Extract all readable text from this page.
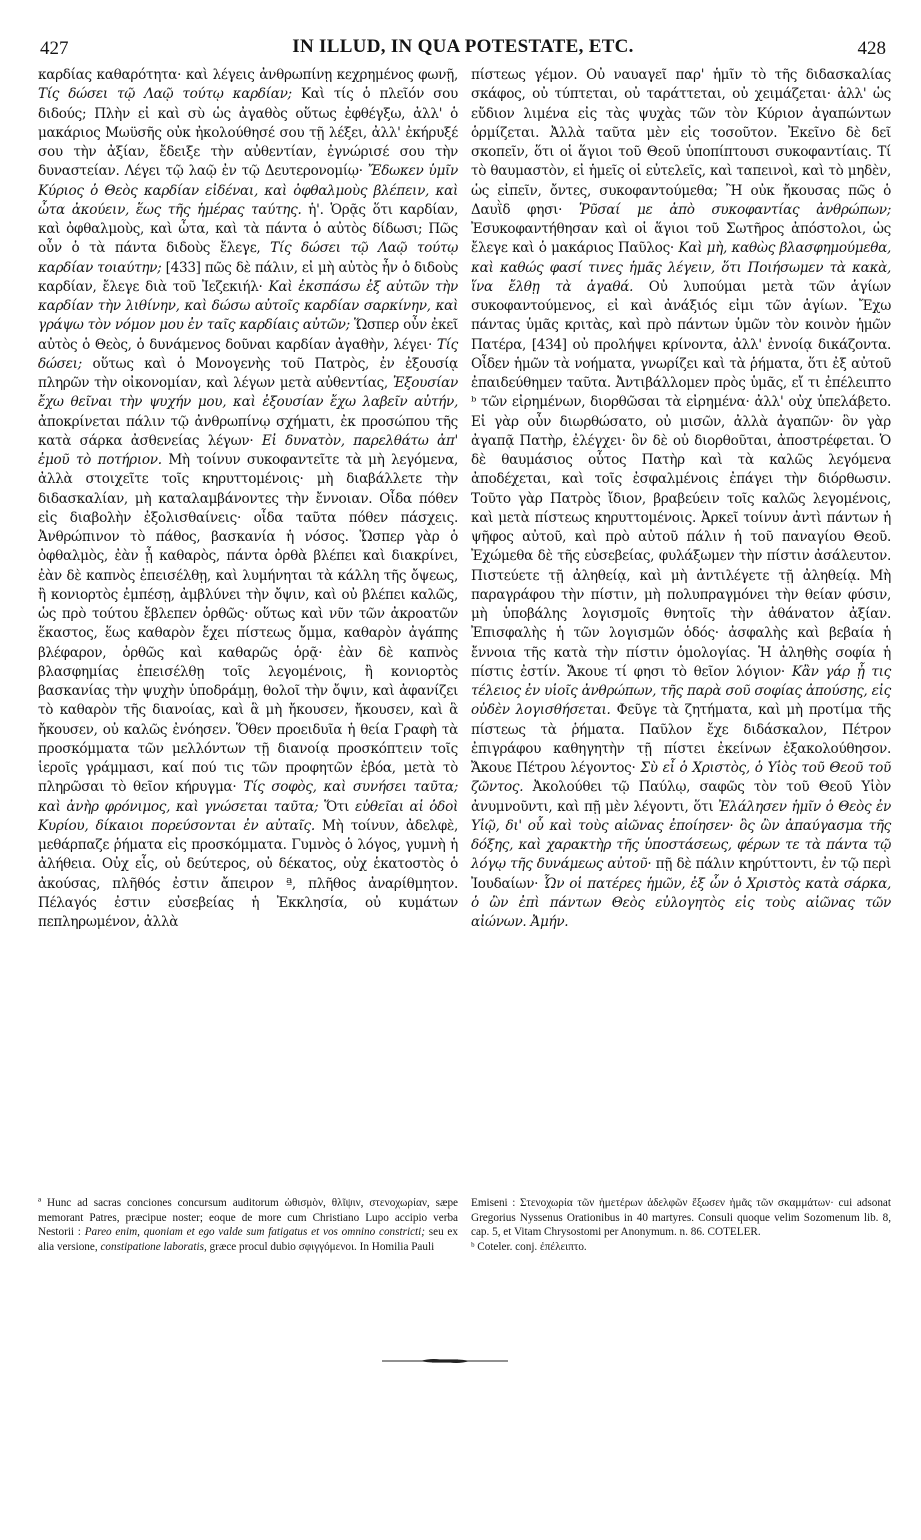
427	IN ILLUD, IN QUA POTESTATE, ETC.	428

καρδίας καθαρότητα· καὶ λέγεις ἀνθρωπίνῃ κεχρημένος φωνῇ, Τίς δώσει τῷ Λαῷ τούτῳ καρδίαν; Καὶ τίς ὁ πλεῖόν σου διδούς; Πλὴν εἰ καὶ σὺ ὡς ἀγαθὸς οὕτως ἐφθέγξω, ἀλλ' ὁ μακάριος Μωϋσῆς οὐκ ἠκολούθησέ σου τῇ λέξει, ἀλλ' ἐκήρυξέ σου τὴν ἀξίαν, ἔδειξε τὴν αὐθεντίαν, ἐγνώρισέ σου τὴν δυναστείαν. Λέγει τῷ λαῷ ἐν τῷ Δευτερονομίῳ· Ἔδωκεν ὑμῖν Κύριος ὁ Θεὸς καρδίαν εἰδέναι, καὶ ὀφθαλμοὺς βλέπειν, καὶ ὦτα ἀκούειν, ἕως τῆς ἡμέρας ταύτης. ἡ'. Ὁρᾷς ὅτι καρδίαν, καὶ ὀφθαλμοὺς, καὶ ὦτα, καὶ τὰ πάντα ὁ αὐτὸς δίδωσι; Πῶς οὖν ὁ τὰ πάντα διδοὺς ἔλεγε, Τίς δώσει τῷ Λαῷ τούτῳ καρδίαν τοιαύτην; [433] πῶς δὲ πάλιν, εἰ μὴ αὐτὸς ἦν ὁ διδοὺς καρδίαν, ἔλεγε διὰ τοῦ Ἰεζεκιήλ· Καὶ ἐκσπάσω ἐξ αὐτῶν τὴν καρδίαν τὴν λιθίνην, καὶ δώσω αὐτοῖς καρδίαν σαρκίνην, καὶ γράψω τὸν νόμον μου ἐν ταῖς καρδίαις αὐτῶν; Ὥσπερ οὖν ἐκεῖ αὐτὸς ὁ Θεὸς, ὁ δυνάμενος δοῦναι καρδίαν ἀγαθὴν, λέγει· Τίς δώσει; οὕτως καὶ ὁ Μονογενὴς τοῦ Πατρὸς, ἐν ἐξουσίᾳ πληρῶν τὴν οἰκονομίαν, καὶ λέγων μετὰ αὐθεντίας, Ἐξουσίαν ἔχω θεῖναι τὴν ψυχήν μου, καὶ ἐξουσίαν ἔχω λαβεῖν αὐτήν, ἀποκρίνεται πάλιν τῷ ἀνθρωπίνῳ σχήματι, ἐκ προσώπου τῆς κατὰ σάρκα ἀσθενείας λέγων· Εἰ δυνατὸν, παρελθάτω ἀπ' ἐμοῦ τὸ ποτήριον. Μὴ τοίνυν συκοφαντεῖτε τὰ μὴ λεγόμενα, ἀλλὰ στοιχεῖτε τοῖς κηρυττομένοις· μὴ διαβάλλετε τὴν διδασκαλίαν, μὴ καταλαμβάνοντες τὴν ἔννοιαν. Οἶδα πόθεν εἰς διαβολὴν ἐξολισθαίνεις· οἶδα ταῦτα πόθεν πάσχεις. Ἀνθρώπινον τὸ πάθος, βασκανία ἡ νόσος. Ὥσπερ γὰρ ὁ ὀφθαλμὸς, ἐὰν ᾖ καθαρὸς, πάντα ὀρθὰ βλέπει καὶ διακρίνει, ἐὰν δὲ καπνὸς ἐπεισέλθῃ, καὶ λυμήνηται τὰ κάλλη τῆς ὄψεως, ἢ κονιορτὸς ἐμπέσῃ, ἀμβλύνει τὴν ὄψιν, καὶ οὐ βλέπει καλῶς, ὡς πρὸ τούτου ἔβλεπεν ὀρθῶς· οὕτως καὶ νῦν τῶν ἀκροατῶν ἕκαστος, ἕως καθαρὸν ἔχει πίστεως ὄμμα, καθαρὸν ἀγάπης βλέφαρον, ὀρθῶς καὶ καθαρῶς ὁρᾷ· ἐὰν δὲ καπνὸς βλασφημίας ἐπεισέλθῃ τοῖς λεγομένοις, ἢ κονιορτὸς βασκανίας τὴν ψυχὴν ὑποδράμῃ, θολοῖ τὴν ὄψιν, καὶ ἀφανίζει τὸ καθαρὸν τῆς διανοίας, καὶ ἃ μὴ ἤκουσεν, ἤκουσεν, καὶ ἃ ἤκουσεν, οὐ καλῶς ἐνόησεν. Ὅθεν προειδυῖα ἡ θεία Γραφὴ τὰ προσκόμματα τῶν μελλόντων τῇ διανοίᾳ προσκόπτειν τοῖς ἱεροῖς γράμμασι, καί πού τις τῶν προφητῶν ἐβόα, μετὰ τὸ πληρῶσαι τὸ θεῖον κήρυγμα· Τίς σοφὸς, καὶ συνήσει ταῦτα; καὶ ἀνὴρ φρόνιμος, καὶ γνώσεται ταῦτα; Ὅτι εὐθεῖαι αἱ ὁδοὶ Κυρίου, δίκαιοι πορεύσονται ἐν αὐταῖς. Μὴ τοίνυν, ἀδελφὲ, μεθάρπαζε ῥήματα εἰς προσκόμματα. Γυμνὸς ὁ λόγος, γυμνὴ ἡ ἀλήθεια. Οὐχ εἷς, οὐ δεύτερος, οὐ δέκατος, οὐχ ἑκατοστὸς ὁ ἀκούσας, πλῆθός ἐστιν ἄπειρον ª, πλῆθος ἀναρίθμητον. Πέλαγός ἐστιν εὐσεβείας ἡ Ἐκκλησία, οὐ κυμάτων πεπληρωμένον, ἀλλὰ

πίστεως γέμον. Οὐ ναυαγεῖ παρ' ἡμῖν τὸ τῆς διδασκαλίας σκάφος, οὐ τύπτεται, οὐ ταράττεται, οὐ χειμάζεται· ἀλλ' ὡς εὔδιον λιμένα εἰς τὰς ψυχὰς τῶν τὸν Κύριον ἀγαπώντων ὁρμίζεται. Ἀλλὰ ταῦτα μὲν εἰς τοσοῦτον. Ἐκεῖνο δὲ δεῖ σκοπεῖν, ὅτι οἱ ἅγιοι τοῦ Θεοῦ ὑποπίπτουσι συκοφαντίαις. Τί τὸ θαυμαστὸν, εἰ ἡμεῖς οἱ εὐτελεῖς, καὶ ταπεινοὶ, καὶ τὸ μηδὲν, ὡς εἰπεῖν, ὄντες, συκοφαντούμεθα; Ἢ οὐκ ἤκουσας πῶς ὁ Δαυῒδ φησι· Ῥῦσαί με ἀπὸ συκοφαντίας ἀνθρώπων; Ἐσυκοφαντήθησαν καὶ οἱ ἅγιοι τοῦ Σωτῆρος ἀπόστολοι, ὡς ἔλεγε καὶ ὁ μακάριος Παῦλος· Καὶ μὴ, καθὼς βλασφημούμεθα, καὶ καθώς φασί τινες ἡμᾶς λέγειν, ὅτι Ποιήσωμεν τὰ κακὰ, ἵνα ἔλθῃ τὰ ἀγαθά. Οὐ λυπούμαι μετὰ τῶν ἁγίων συκοφαντούμενος, εἰ καὶ ἀνάξιός εἰμι τῶν ἁγίων. Ἔχω πάντας ὑμᾶς κριτὰς, καὶ πρὸ πάντων ὑμῶν τὸν κοινὸν ἡμῶν Πατέρα, [434] οὐ προλήψει κρίνοντα, ἀλλ' ἐννοίᾳ δικάζοντα. Οἶδεν ἡμῶν τὰ νοήματα, γνωρίζει καὶ τὰ ῥήματα, ὅτι ἐξ αὐτοῦ ἐπαιδεύθημεν ταῦτα. Ἀντιβάλλομεν πρὸς ὑμᾶς, εἴ τι ἐπέλειπτο ᵇ τῶν εἰρημένων, διορθῶσαι τὰ εἰρημένα· ἀλλ' οὐχ ὑπελάβετο. Εἰ γὰρ οὖν διωρθώσατο, οὐ μισῶν, ἀλλὰ ἀγαπῶν· ὃν γὰρ ἀγαπᾷ Πατὴρ, ἐλέγχει· ὃν δὲ οὐ διορθοῦται, ἀποστρέφεται. Ὁ δὲ θαυμάσιος οὗτος Πατὴρ καὶ τὰ καλῶς λεγόμενα ἀποδέχεται, καὶ τοῖς ἐσφαλμένοις ἐπάγει τὴν διόρθωσιν. Τοῦτο γὰρ Πατρὸς ἴδιον, βραβεύειν τοῖς καλῶς λεγομένοις, καὶ μετὰ πίστεως κηρυττομένοις. Ἀρκεῖ τοίνυν ἀντὶ πάντων ἡ ψῆφος αὐτοῦ, καὶ πρὸ αὐτοῦ πάλιν ἡ τοῦ παναγίου Θεοῦ. Ἐχώμεθα δὲ τῆς εὐσεβείας, φυλάξωμεν τὴν πίστιν ἀσάλευτον. Πιστεύετε τῇ ἀληθείᾳ, καὶ μὴ ἀντιλέγετε τῇ ἀληθείᾳ. Μὴ παραγράφου τὴν πίστιν, μὴ πολυπραγμόνει τὴν θείαν φύσιν, μὴ ὑποβάλης λογισμοῖς θνητοῖς τὴν ἀθάνατον ἀξίαν. Ἐπισφαλὴς ἡ τῶν λογισμῶν ὁδός· ἀσφαλὴς καὶ βεβαία ἡ ἔννοια τῆς κατὰ τὴν πίστιν ὁμολογίας. Ἡ ἀληθὴς σοφία ἡ πίστις ἐστίν. Ἄκουε τί φησι τὸ θεῖον λόγιον· Κἂν γάρ ᾖ τις τέλειος ἐν υἱοῖς ἀνθρώπων, τῆς παρὰ σοῦ σοφίας ἀπούσης, εἰς οὐδὲν λογισθήσεται. Φεῦγε τὰ ζητήματα, καὶ μὴ προτίμα τῆς πίστεως τὰ ῥήματα. Παῦλον ἔχε διδάσκαλον, Πέτρον ἐπιγράφου καθηγητὴν τῇ πίστει ἐκείνων ἐξακολούθησον. Ἄκουε Πέτρου λέγοντος· Σὺ εἶ ὁ Χριστὸς, ὁ Υἱὸς τοῦ Θεοῦ τοῦ ζῶντος. Ἀκολούθει τῷ Παύλῳ, σαφῶς τὸν τοῦ Θεοῦ Υἱὸν ἀνυμνοῦντι, καὶ πῇ μὲν λέγοντι, ὅτι Ἐλάλησεν ἡμῖν ὁ Θεὸς ἐν Υἱῷ, δι' οὗ καὶ τοὺς αἰῶνας ἐποίησεν· ὃς ὢν ἀπαύγασμα τῆς δόξης, καὶ χαρακτὴρ τῆς ὑποστάσεως, φέρων τε τὰ πάντα τῷ λόγῳ τῆς δυνάμεως αὐτοῦ· πῇ δὲ πάλιν κηρύττοντι, ἐν τῷ περὶ Ἰουδαίων· Ὧν οἱ πατέρες ἡμῶν, ἐξ ὧν ὁ Χριστὸς κατὰ σάρκα, ὁ ὢν ἐπὶ πάντων Θεὸς εὐλογητὸς εἰς τοὺς αἰῶνας τῶν αἰώνων. Ἀμήν.

ª Hunc ad sacras conciones concursum auditorum ὠθισμὸν, θλῖψιν, στενοχωρίαν, sæpe memorant Patres, præcipue noster; eoque de more cum Christiano Lupo accipio verba Nestorii : Pareo enim, quoniam et ego valde sum fatigatus et vos omnino constricti; seu ex alia versione, constipatione laboratis, græce procul dubio σφιγγόμενοι. In Homilia Pauli

Emiseni : Στενοχωρία τῶν ἡμετέρων ἀδελφῶν ἔξωσεν ἡμᾶς τῶν σκαμμάτων· cui adsonat Gregorius Nyssenus Orationibus in 40 martyres. Consuli quoque velim Sozomenum lib. 8, cap. 5, et Vitam Chrysostomi per Anonymum. n. 86. COTELER.
ᵇ Coteler. conj. ἐπέλειπτο.
